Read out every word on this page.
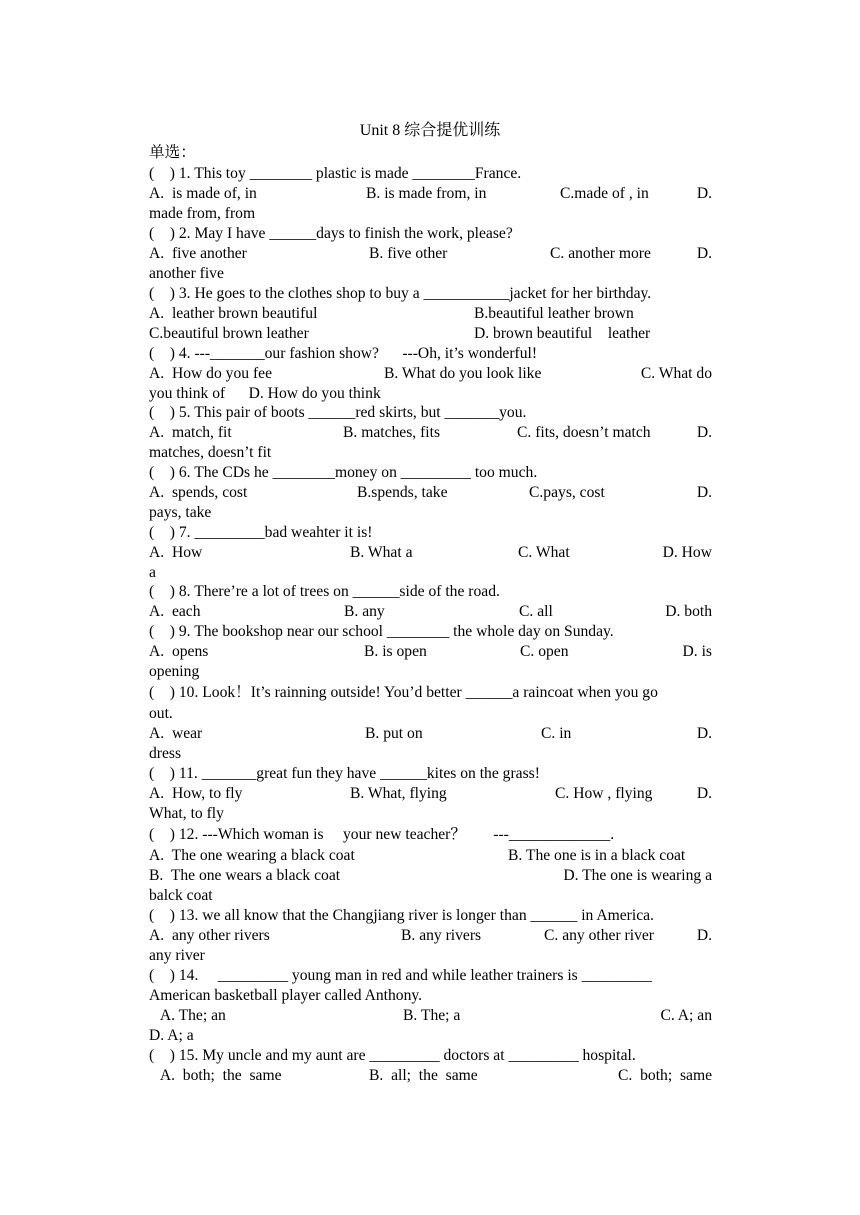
Unit 8 综合提优训练
单选：
(    ) 1. This toy ________ plastic is made ________France.
A.  is made of, in	B. is made from, in	C.made of , in	D.
made from, from
(    ) 2. May I have ______days to finish the work, please?
A.  five another	B. five other	C. another more	D.
another five
(    ) 3. He goes to the clothes shop to buy a ___________jacket for her birthday.
A.  leather brown beautiful	B.beautiful leather brown
C.beautiful brown leather	D. brown beautiful    leather
(    ) 4. ---_______our fashion show?      ---Oh, it’s wonderful!
A.  How do you fee	B. What do you look like	C. What do
you think of      D. How do you think
(    ) 5. This pair of boots ______red skirts, but _______you.
A.  match, fit	B. matches, fits	C. fits, doesn’t match	D.
matches, doesn’t fit
(    ) 6. The CDs he ________money on _________ too much.
A.  spends, cost	B.spends, take	C.pays, cost	D.
pays, take
(    ) 7. _________bad weahter it is!
A.  How	B. What a	C. What	D. How
a
(    ) 8. There’re a lot of trees on ______side of the road.
A.  each	B. any	C. all	D. both
(    ) 9. The bookshop near our school ________ the whole day on Sunday.
A.  opens	B. is open	C. open	D. is
opening
(    ) 10. Look！It’s rainning outside! You’d better ______a raincoat when you go
out.
A.  wear	B. put on	C. in	D.
dress
(    ) 11. _______great fun they have ______kites on the grass!
A.  How, to fly	B. What, flying	C. How , flying	D.
What, to fly
(    ) 12. ---Which woman is     your new teacher？       ---_____________.
A.  The one wearing a black coat	B. The one is in a black coat
B.  The one wears a black coat	D. The one is wearing a
balck coat
(    ) 13. we all know that the Changjiang river is longer than ______ in America.
A.  any other rivers	B. any rivers	C. any other river	D.
any river
(    ) 14.     _________ young man in red and while leather trainers is _________
American basketball player called Anthony.
A. The; an	B. The; a	C. A; an
D. A; a
(    ) 15. My uncle and my aunt are _________ doctors at _________ hospital.
A.  both;  the  same	B.  all;  the  same	C.  both;  same
